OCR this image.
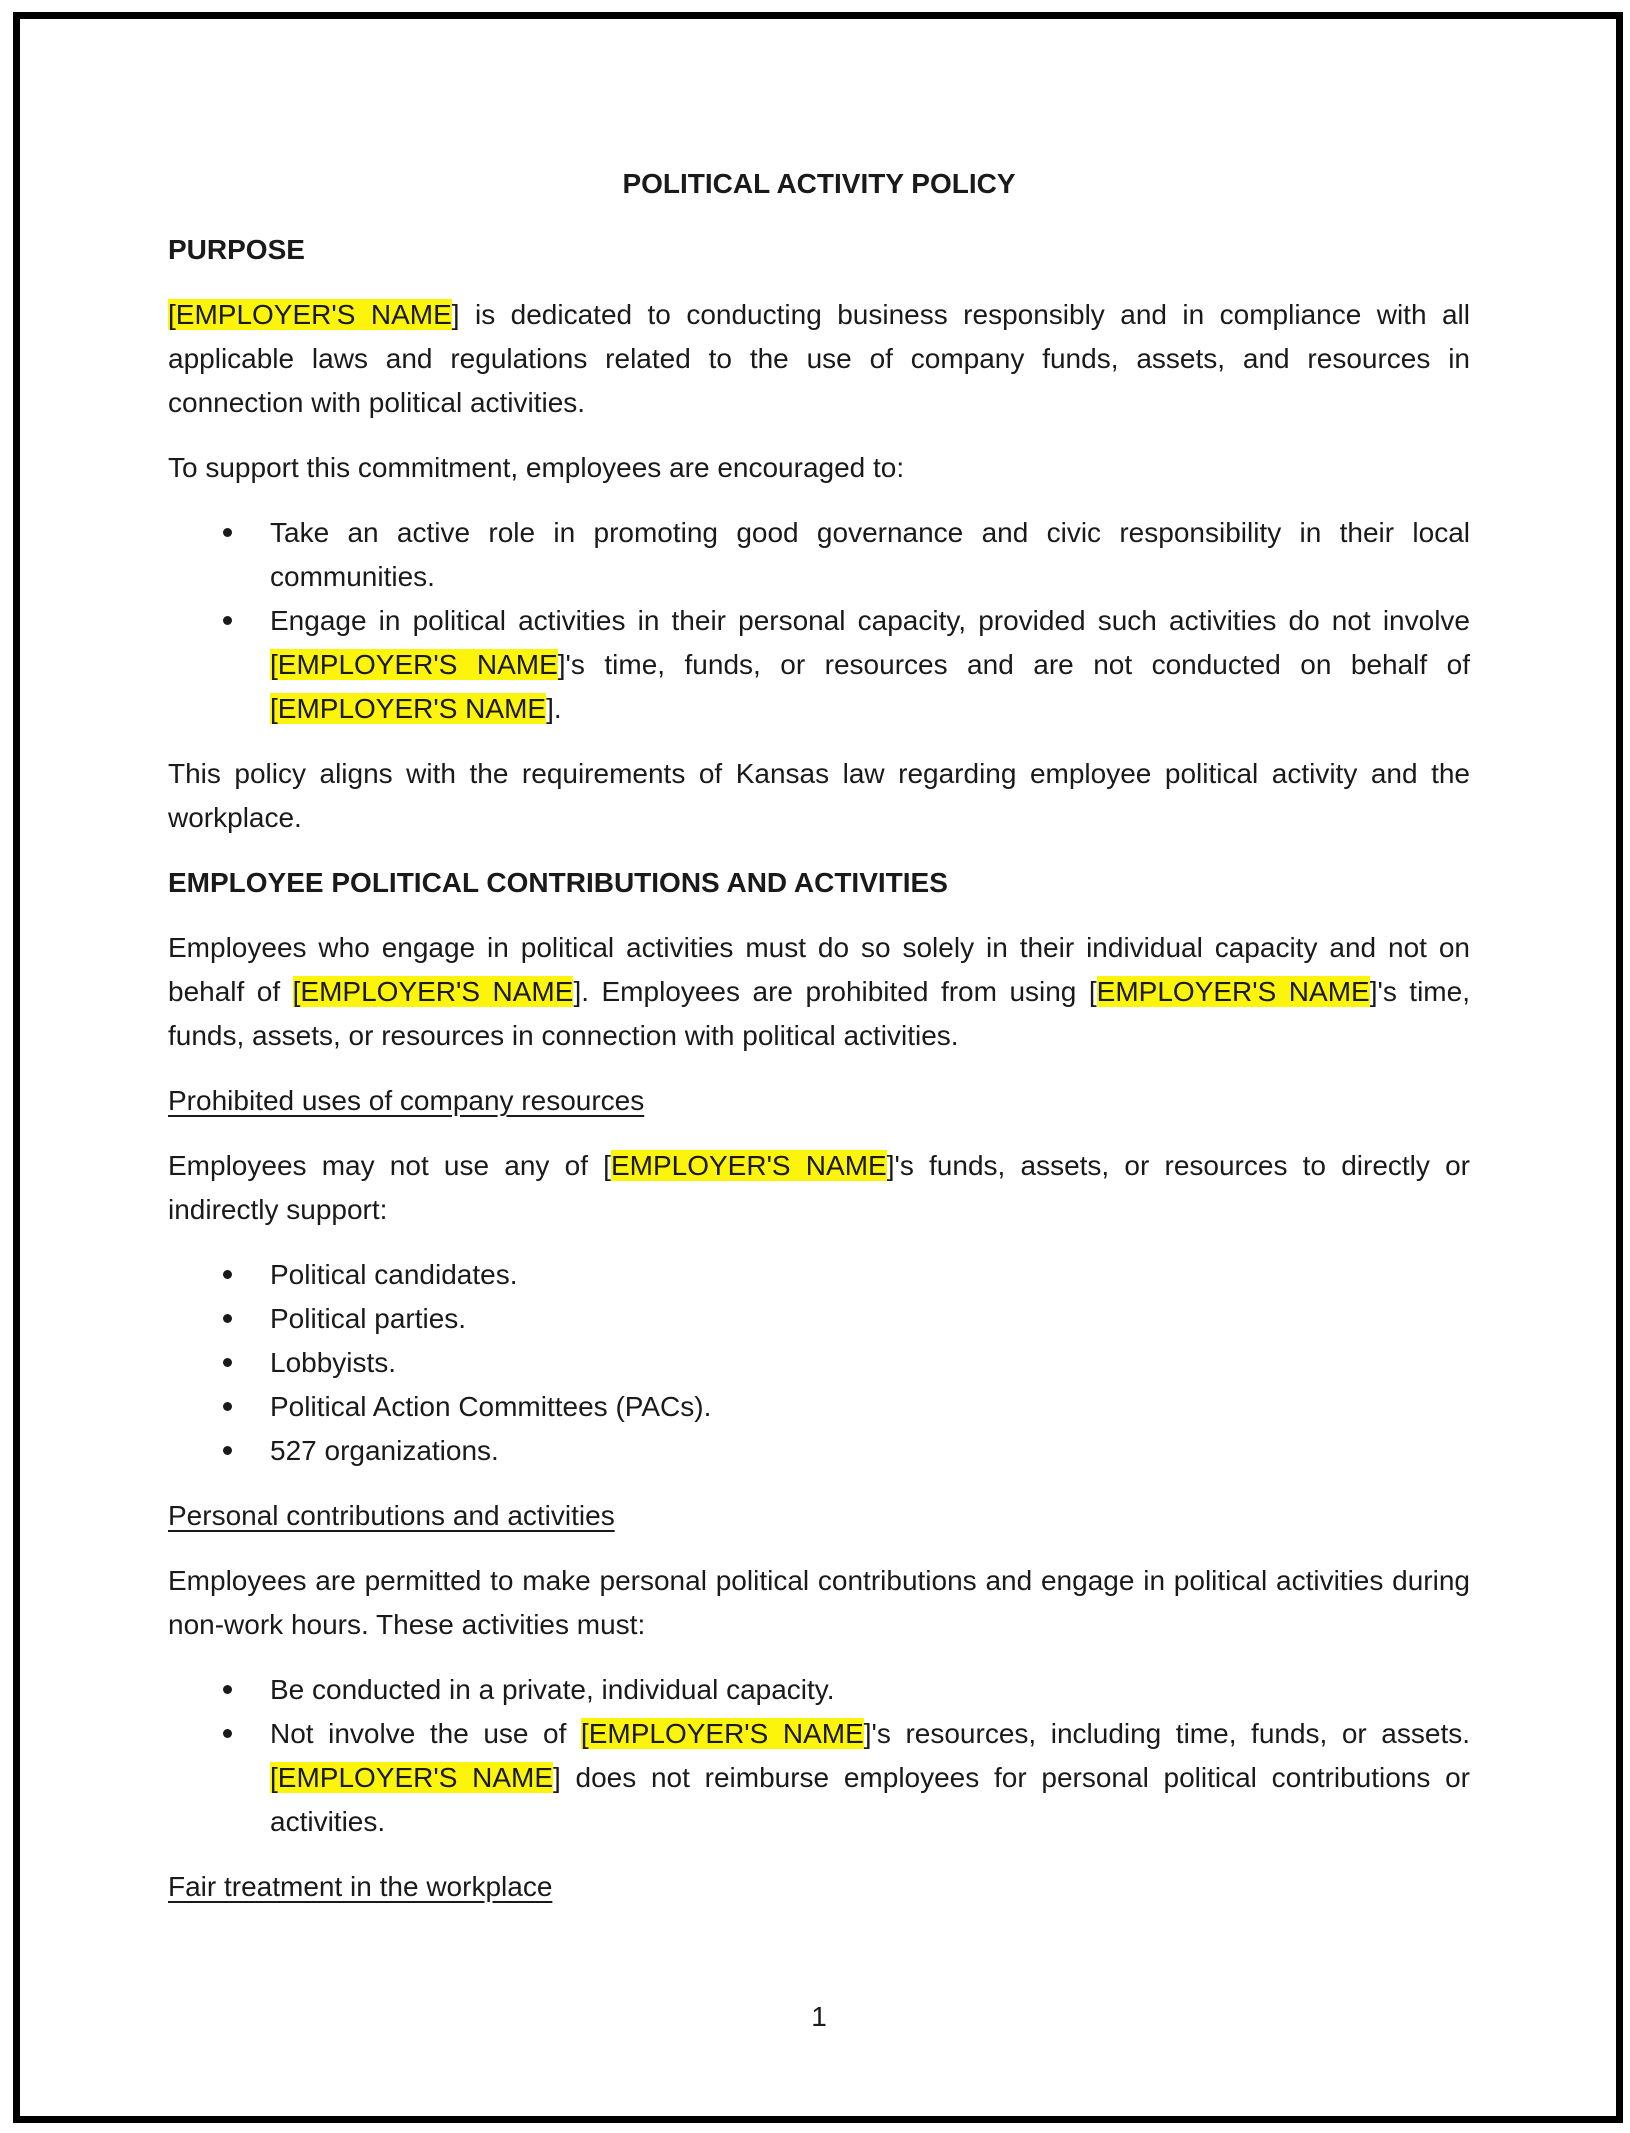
POLITICAL ACTIVITY POLICY

PURPOSE

[EMPLOYER'S NAME] is dedicated to conducting business responsibly and in compliance with all applicable laws and regulations related to the use of company funds, assets, and resources in connection with political activities.

To support this commitment, employees are encouraged to:

Take an active role in promoting good governance and civic responsibility in their local communities.
Engage in political activities in their personal capacity, provided such activities do not involve [EMPLOYER'S NAME]'s time, funds, or resources and are not conducted on behalf of [EMPLOYER'S NAME].

This policy aligns with the requirements of Kansas law regarding employee political activity and the workplace.

EMPLOYEE POLITICAL CONTRIBUTIONS AND ACTIVITIES

Employees who engage in political activities must do so solely in their individual capacity and not on behalf of [EMPLOYER'S NAME]. Employees are prohibited from using [EMPLOYER'S NAME]'s time, funds, assets, or resources in connection with political activities.

Prohibited uses of company resources

Employees may not use any of [EMPLOYER'S NAME]'s funds, assets, or resources to directly or indirectly support:

Political candidates.
Political parties.
Lobbyists.
Political Action Committees (PACs).
527 organizations.

Personal contributions and activities

Employees are permitted to make personal political contributions and engage in political activities during non-work hours. These activities must:

Be conducted in a private, individual capacity.
Not involve the use of [EMPLOYER'S NAME]'s resources, including time, funds, or assets. [EMPLOYER'S NAME] does not reimburse employees for personal political contributions or activities.

Fair treatment in the workplace

1
